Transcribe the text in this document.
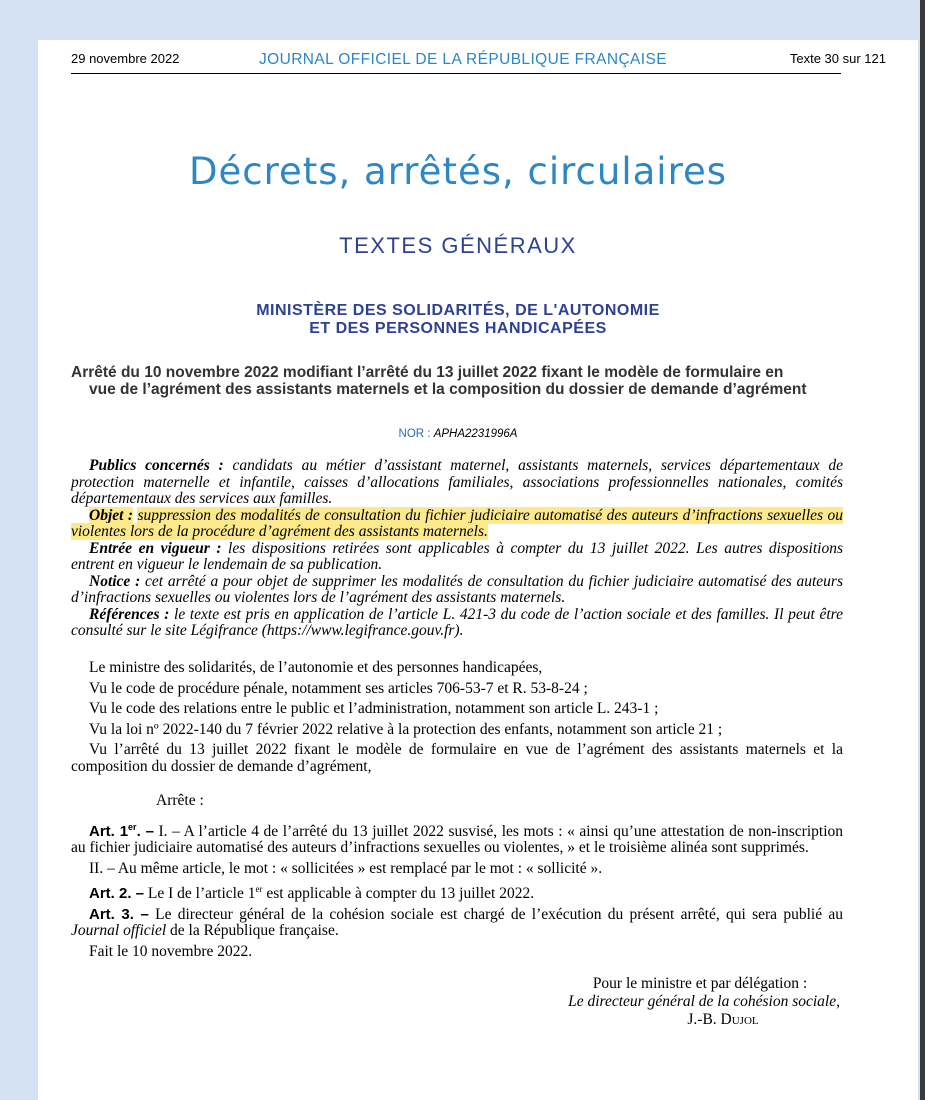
29 novembre 2022	JOURNAL OFFICIEL DE LA RÉPUBLIQUE FRANÇAISE	Texte 30 sur 121
Décrets, arrêtés, circulaires
TEXTES GÉNÉRAUX
MINISTÈRE DES SOLIDARITÉS, DE L'AUTONOMIE
ET DES PERSONNES HANDICAPÉES
Arrêté du 10 novembre 2022 modifiant l’arrêté du 13 juillet 2022 fixant le modèle de formulaire en
vue de l’agrément des assistants maternels et la composition du dossier de demande d’agrément
NOR : APHA2231996A

Publics concernés : candidats au métier d’assistant maternel, assistants maternels, services départementaux de protection maternelle et infantile, caisses d’allocations familiales, associations professionnelles nationales, comités départementaux des services aux familles.

Objet : suppression des modalités de consultation du fichier judiciaire automatisé des auteurs d’infractions sexuelles ou violentes lors de la procédure d’agrément des assistants maternels.

Entrée en vigueur : les dispositions retirées sont applicables à compter du 13 juillet 2022. Les autres dispositions entrent en vigueur le lendemain de sa publication.

Notice : cet arrêté a pour objet de supprimer les modalités de consultation du fichier judiciaire automatisé des auteurs d’infractions sexuelles ou violentes lors de l’agrément des assistants maternels.

Références : le texte est pris en application de l’article L. 421-3 du code de l’action sociale et des familles. Il peut être consulté sur le site Légifrance (https://www.legifrance.gouv.fr).

Le ministre des solidarités, de l’autonomie et des personnes handicapées,

Vu le code de procédure pénale, notamment ses articles 706-53-7 et R. 53-8-24 ;

Vu le code des relations entre le public et l’administration, notamment son article L. 243-1 ;

Vu la loi nº 2022-140 du 7 février 2022 relative à la protection des enfants, notamment son article 21 ;

Vu l’arrêté du 13 juillet 2022 fixant le modèle de formulaire en vue de l’agrément des assistants maternels et la composition du dossier de demande d’agrément,

Arrête :

Art. 1er. – I. – A l’article 4 de l’arrêté du 13 juillet 2022 susvisé, les mots : « ainsi qu’une attestation de non-inscription au fichier judiciaire automatisé des auteurs d’infractions sexuelles ou violentes, » et le troisième alinéa sont supprimés.

II. – Au même article, le mot : « sollicitées » est remplacé par le mot : « sollicité ».

Art. 2. – Le I de l’article 1er est applicable à compter du 13 juillet 2022.

Art. 3. – Le directeur général de la cohésion sociale est chargé de l’exécution du présent arrêté, qui sera publié au Journal officiel de la République française.

Fait le 10 novembre 2022.

Pour le ministre et par délégation :
Le directeur général de la cohésion sociale,
J.-B. Dujol
